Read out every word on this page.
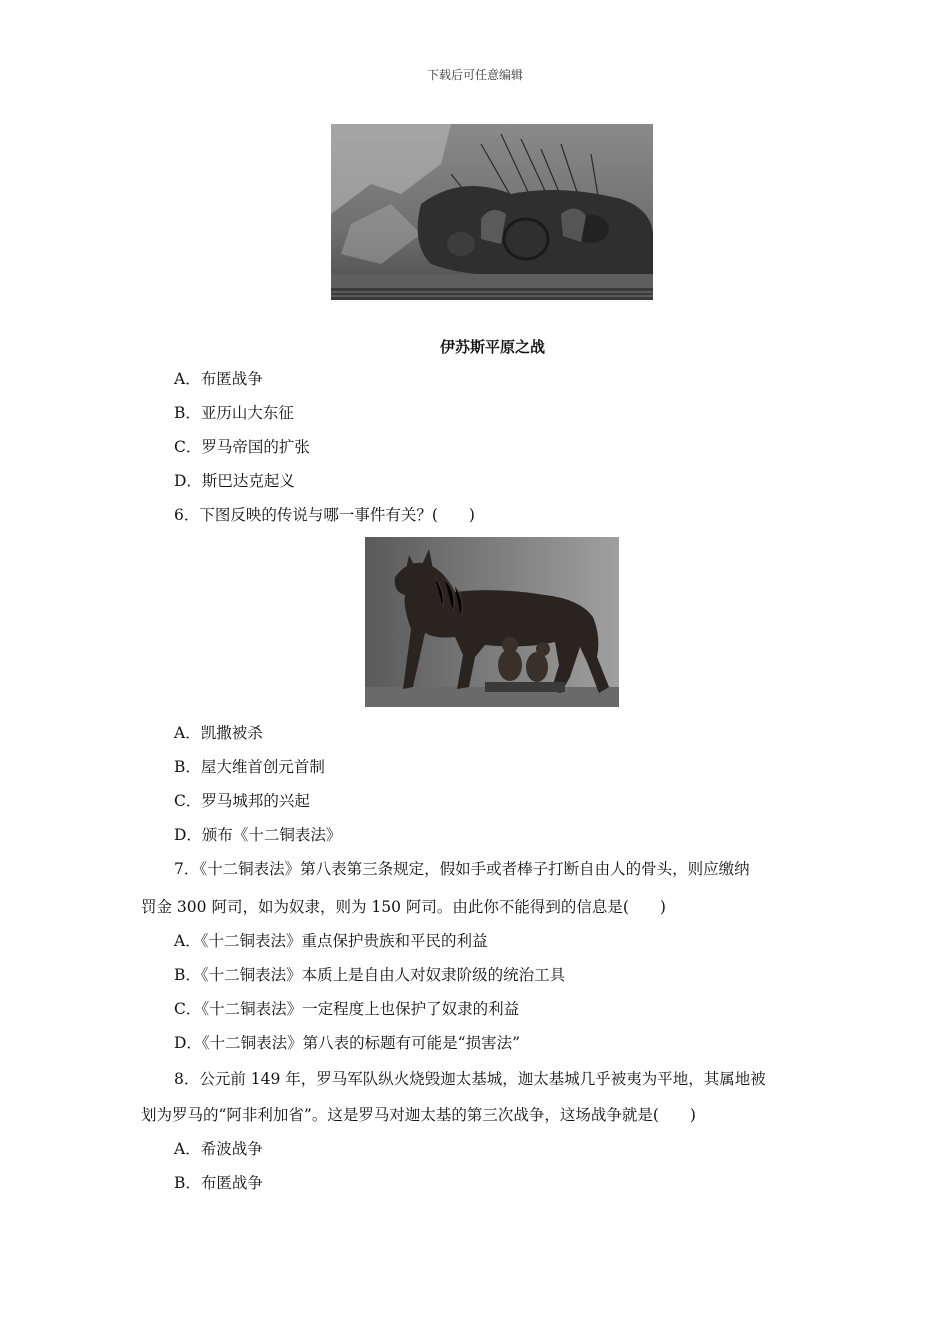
下载后可任意编辑
伊苏斯平原之战
A．布匿战争
B．亚历山大东征
C．罗马帝国的扩张
D．斯巴达克起义
6．下图反映的传说与哪一事件有关？(　　)
A．凯撒被杀
B．屋大维首创元首制
C．罗马城邦的兴起
D．颁布《十二铜表法》
7．《十二铜表法》第八表第三条规定，假如手或者棒子打断自由人的骨头，则应缴纳
罚金 300 阿司，如为奴隶，则为 150 阿司。由此你不能得到的信息是(　　)
A．《十二铜表法》重点保护贵族和平民的利益
B．《十二铜表法》本质上是自由人对奴隶阶级的统治工具
C．《十二铜表法》一定程度上也保护了奴隶的利益
D．《十二铜表法》第八表的标题有可能是“损害法”
8．公元前 149 年，罗马军队纵火烧毁迦太基城，迦太基城几乎被夷为平地，其属地被
划为罗马的“阿非利加省”。这是罗马对迦太基的第三次战争，这场战争就是(　　)
A．希波战争
B．布匿战争
